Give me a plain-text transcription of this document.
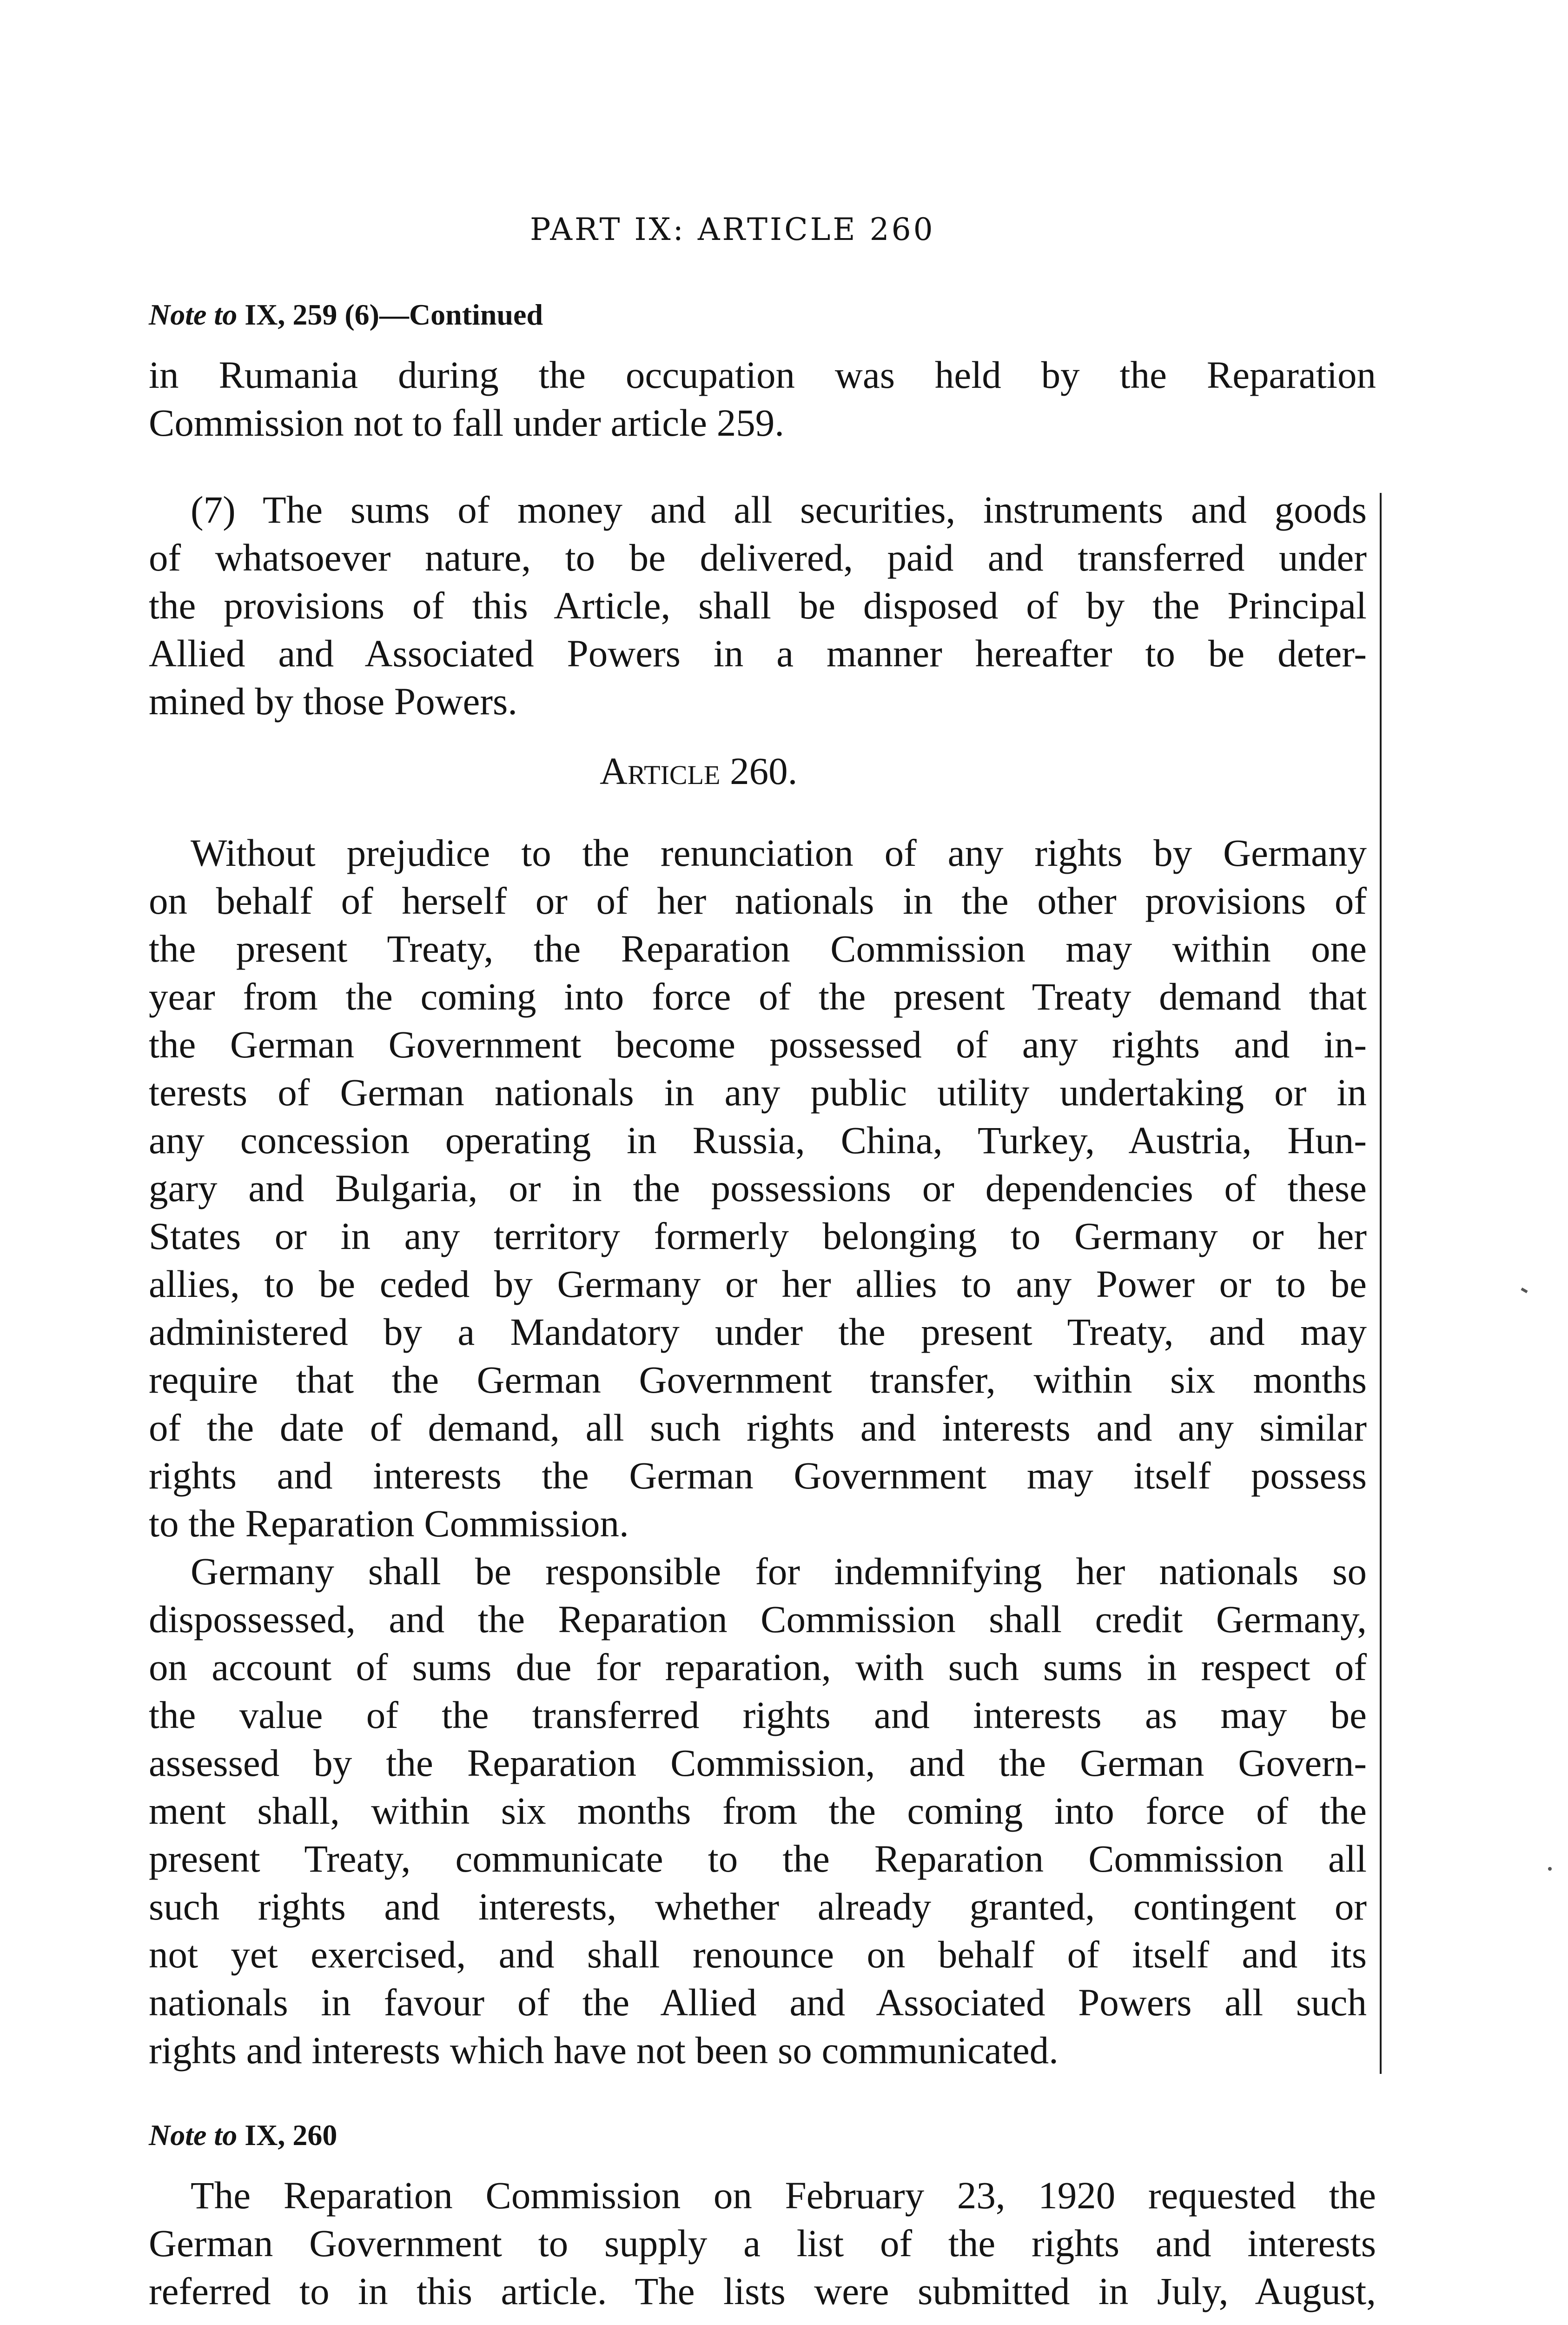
PART IX: ARTICLE 260
Note to IX, 259 (6)—Continued
in Rumania during the occupation was held by the Reparation
Commission not to fall under article 259.
(7) The sums of money and all securities, instruments and goods
of whatsoever nature, to be delivered, paid and transferred under
the provisions of this Article, shall be disposed of by the Principal
Allied and Associated Powers in a manner hereafter to be deter-
mined by those Powers.
Article 260.
Without prejudice to the renunciation of any rights by Germany
on behalf of herself or of her nationals in the other provisions of
the present Treaty, the Reparation Commission may within one
year from the coming into force of the present Treaty demand that
the German Government become possessed of any rights and in-
terests of German nationals in any public utility undertaking or in
any concession operating in Russia, China, Turkey, Austria, Hun-
gary and Bulgaria, or in the possessions or dependencies of these
States or in any territory formerly belonging to Germany or her
allies, to be ceded by Germany or her allies to any Power or to be
administered by a Mandatory under the present Treaty, and may
require that the German Government transfer, within six months
of the date of demand, all such rights and interests and any similar
rights and interests the German Government may itself possess
to the Reparation Commission.
Germany shall be responsible for indemnifying her nationals so
dispossessed, and the Reparation Commission shall credit Germany,
on account of sums due for reparation, with such sums in respect of
the value of the transferred rights and interests as may be
assessed by the Reparation Commission, and the German Govern-
ment shall, within six months from the coming into force of the
present Treaty, communicate to the Reparation Commission all
such rights and interests, whether already granted, contingent or
not yet exercised, and shall renounce on behalf of itself and its
nationals in favour of the Allied and Associated Powers all such
rights and interests which have not been so communicated.
Note to IX, 260
The Reparation Commission on February 23, 1920 requested the
German Government to supply a list of the rights and interests
referred to in this article. The lists were submitted in July, August,
